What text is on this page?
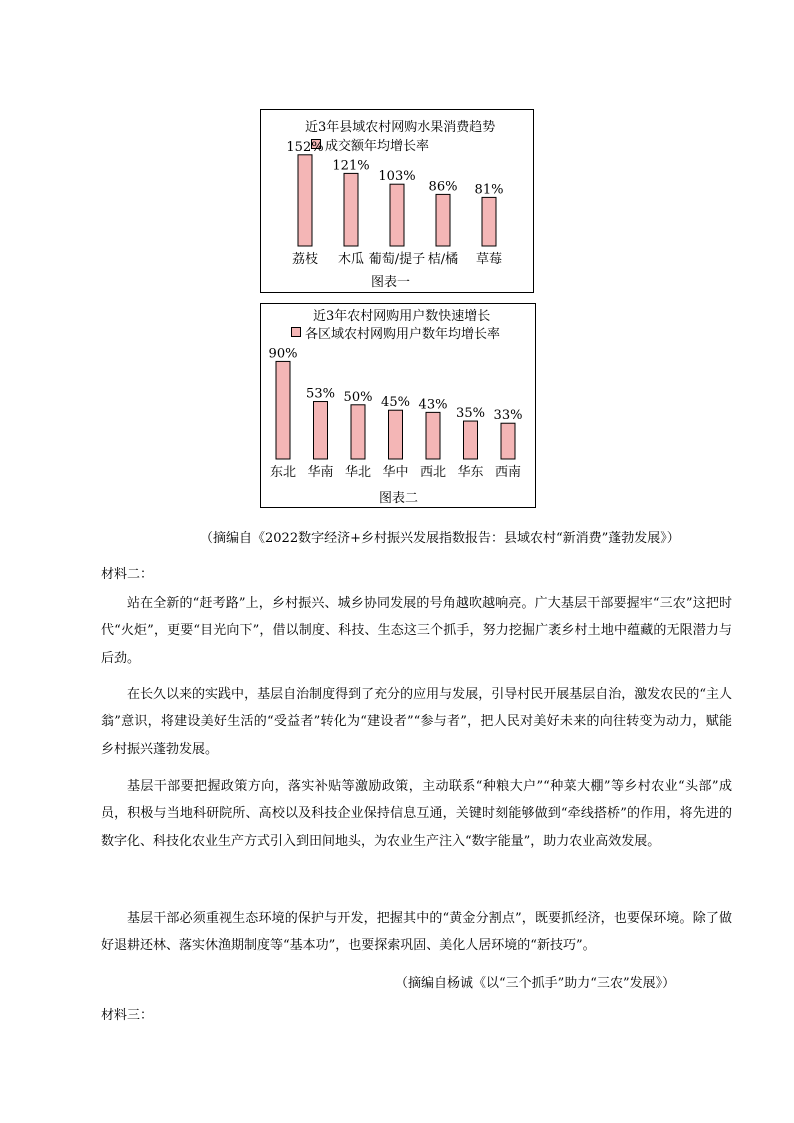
近3年县域农村网购水果消费趋势
成交额年均增长率
152%
荔枝
121%
木瓜
103%
葡萄/提子
86%
桔/橘
81%
草莓
图表一
近3年农村网购用户数快速增长
各区域农村网购用户数年均增长率
90%
东北
53%
华南
50%
华北
45%
华中
43%
西北
35%
华东
33%
西南
图表二
（摘编自《2022数字经济+乡村振兴发展指数报告：县域农村“新消费”蓬勃发展》）
材料二：

站在全新的“赶考路”上，乡村振兴、城乡协同发展的号角越吹越响亮。广大基层干部要握牢“三农”这把时代“火炬”，更要“目光向下”，借以制度、科技、生态这三个抓手，努力挖掘广袤乡村土地中蕴藏的无限潜力与后劲。

在长久以来的实践中，基层自治制度得到了充分的应用与发展，引导村民开展基层自治，激发农民的“主人翁”意识，将建设美好生活的“受益者”转化为“建设者”“参与者”，把人民对美好未来的向往转变为动力，赋能乡村振兴蓬勃发展。

基层干部要把握政策方向，落实补贴等激励政策，主动联系“种粮大户”“种菜大棚”等乡村农业“头部”成员，积极与当地科研院所、高校以及科技企业保持信息互通，关键时刻能够做到“牵线搭桥”的作用，将先进的数字化、科技化农业生产方式引入到田间地头，为农业生产注入“数字能量”，助力农业高效发展。

基层干部必须重视生态环境的保护与开发，把握其中的“黄金分割点”，既要抓经济，也要保环境。除了做好退耕还林、落实休渔期制度等“基本功”，也要探索巩固、美化人居环境的“新技巧”。

（摘编自杨诚《以“三个抓手”助力“三农”发展》）
材料三：
